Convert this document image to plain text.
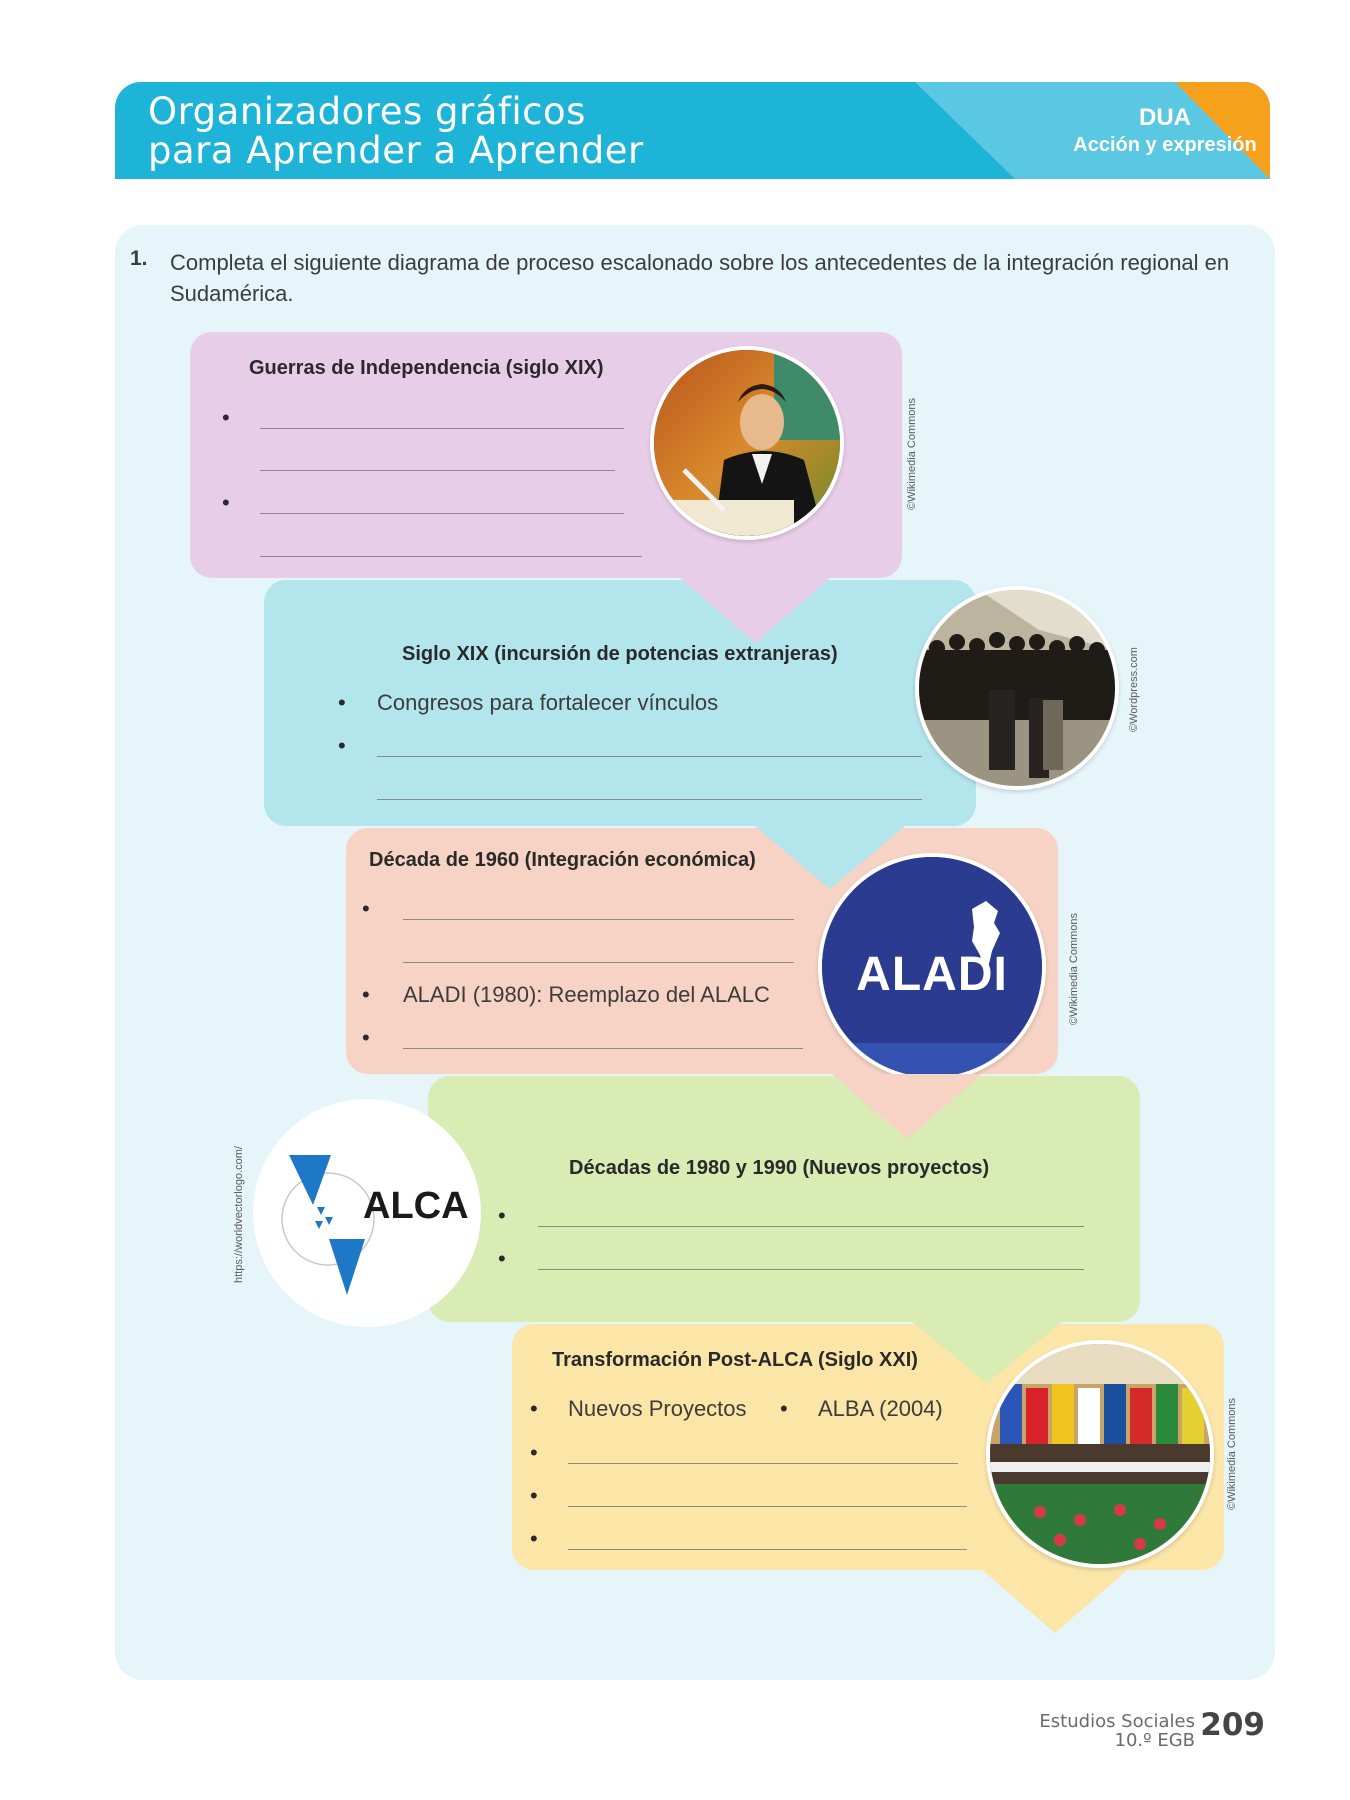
Organizadores gráficos
para Aprender a Aprender
DUA
Acción y expresión
1. Completa el siguiente diagrama de proceso escalonado sobre los antecedentes de la integración regional en Sudamérica.
Guerras de Independencia (siglo XIX)
•
•	©Wikimedia Commons
Siglo XIX (incursión de potencias extranjeras)
• Congresos para fortalecer vínculos
•
©Wordpress.com
Década de 1960 (Integración económica)
•
• ALADI (1980): Reemplazo del ALALC
•
ALADI	©Wikimedia Commons
Décadas de 1980 y 1990 (Nuevos proyectos)
•
•
ALCA
https://worldvectorlogo.com/
Transformación Post-ALCA (Siglo XXI)
• Nuevos Proyectos • ALBA (2004)
•
•
•
©Wikimedia Commons
Estudios Sociales
10.º EGB 209
